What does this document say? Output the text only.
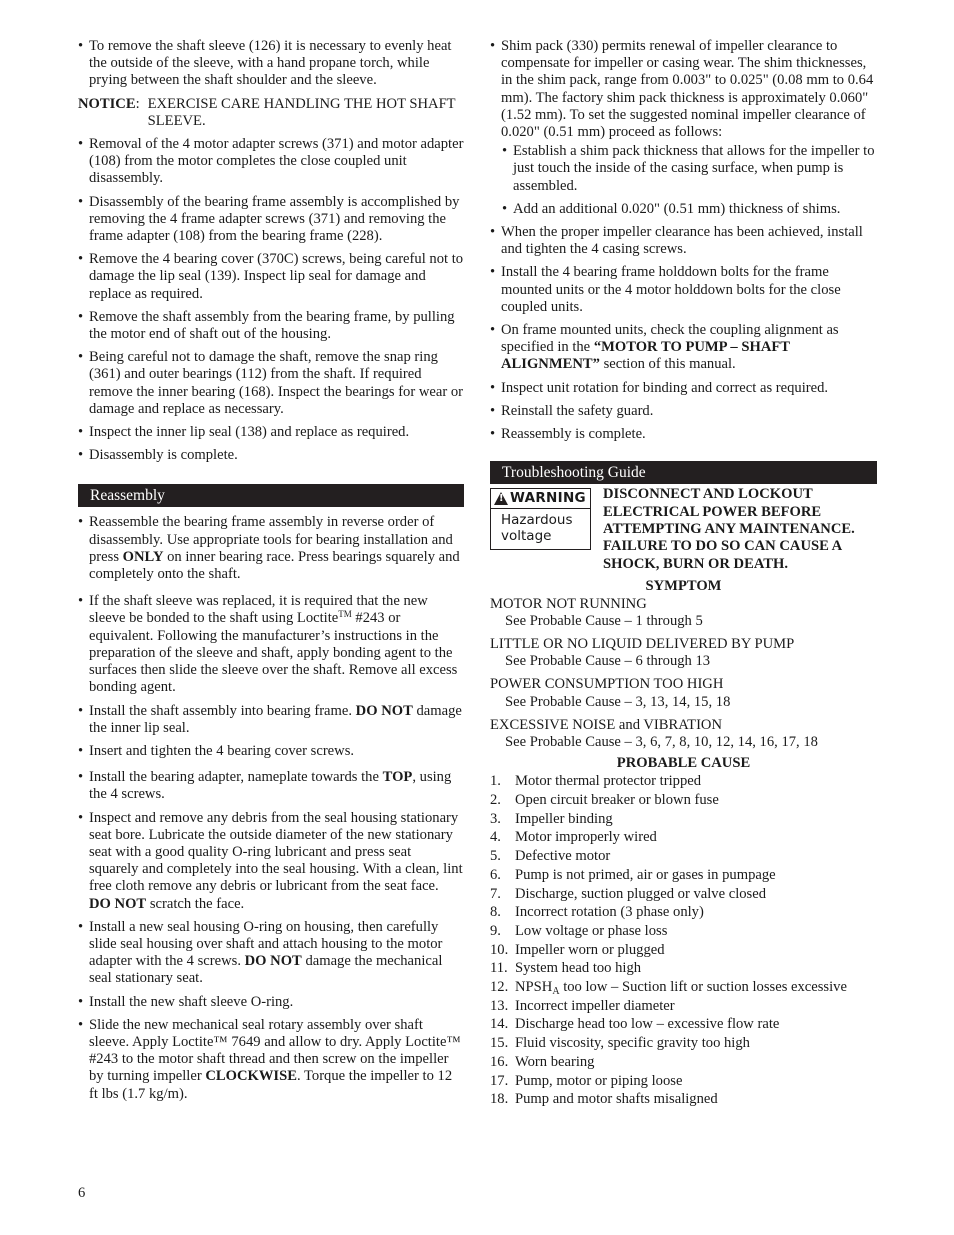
• To remove the shaft sleeve (126) it is necessary to evenly heat the outside of the sleeve, with a hand propane torch, while prying between the shaft shoulder and the sleeve.

NOTICE: EXERCISE CARE HANDLING THE HOT SHAFT SLEEVE.

• Removal of the 4 motor adapter screws (371) and motor adapter (108) from the motor completes the close coupled unit disassembly.

• Disassembly of the bearing frame assembly is accomplished by removing the 4 frame adapter screws (371) and removing the frame adapter (108) from the bearing frame (228).

• Remove the 4 bearing cover (370C) screws, being careful not to damage the lip seal (139). Inspect lip seal for damage and replace as required.

• Remove the shaft assembly from the bearing frame, by pulling the motor end of shaft out of the housing.

• Being careful not to damage the shaft, remove the snap ring (361) and outer bearings (112) from the shaft. If required remove the inner bearing (168). Inspect the bearings for wear or damage and replace as necessary.

• Inspect the inner lip seal (138) and replace as required.

• Disassembly is complete.

Reassembly

• Reassemble the bearing frame assembly in reverse order of disassembly. Use appropriate tools for bearing installation and press ONLY on inner bearing race. Press bearings squarely and completely onto the shaft.

• If the shaft sleeve was replaced, it is required that the new sleeve be bonded to the shaft using Loctite™ #243 or equivalent. Following the manufacturer’s instructions in the preparation of the sleeve and shaft, apply bonding agent to the surfaces then slide the sleeve over the shaft. Remove all excess bonding agent.

• Install the shaft assembly into bearing frame. DO NOT damage the inner lip seal.

• Insert and tighten the 4 bearing cover screws.

• Install the bearing adapter, nameplate towards the TOP, using the 4 screws.

• Inspect and remove any debris from the seal housing stationary seat bore. Lubricate the outside diameter of the new stationary seat with a good quality O-ring lubricant and press seat squarely and completely into the seal housing. With a clean, lint free cloth remove any debris or lubricant from the seat face. DO NOT scratch the face.

• Install a new seal housing O-ring on housing, then carefully slide seal housing over shaft and attach housing to the motor adapter with the 4 screws. DO NOT damage the mechanical seal stationary seat.

• Install the new shaft sleeve O-ring.

• Slide the new mechanical seal rotary assembly over shaft sleeve. Apply Loctite™ 7649 and allow to dry. Apply Loctite™ #243 to the motor shaft thread and then screw on the impeller by turning impeller CLOCKWISE. Torque the impeller to 12 ft lbs (1.7 kg/m).

• Shim pack (330) permits renewal of impeller clearance to compensate for impeller or casing wear. The shim thicknesses, in the shim pack, range from 0.003" to 0.025" (0.08 mm to 0.64 mm). The factory shim pack thickness is approximately 0.060" (1.52 mm). To set the suggested nominal impeller clearance of 0.020" (0.51 mm) proceed as follows:

• Establish a shim pack thickness that allows for the impeller to just touch the inside of the casing surface, when pump is assembled.

• Add an additional 0.020" (0.51 mm) thickness of shims.

• When the proper impeller clearance has been achieved, install and tighten the 4 casing screws.

• Install the 4 bearing frame holddown bolts for the frame mounted units or the 4 motor holddown bolts for the close coupled units.

• On frame mounted units, check the coupling alignment as specified in the “MOTOR TO PUMP – SHAFT ALIGNMENT” section of this manual.

• Inspect unit rotation for binding and correct as required.

• Reinstall the safety guard.

• Reassembly is complete.

Troubleshooting Guide
!
WARNING
Hazardous voltage
DISCONNECT AND LOCKOUT ELECTRICAL POWER BEFORE ATTEMPTING ANY MAINTENANCE. FAILURE TO DO SO CAN CAUSE A SHOCK, BURN OR DEATH.
SYMPTOM
MOTOR NOT RUNNING
See Probable Cause – 1 through 5
LITTLE OR NO LIQUID DELIVERED BY PUMP
See Probable Cause – 6 through 13
POWER CONSUMPTION TOO HIGH
See Probable Cause – 3, 13, 14, 15, 18
EXCESSIVE NOISE and VIBRATION
See Probable Cause – 3, 6, 7, 8, 10, 12, 14, 16, 17, 18
PROBABLE CAUSE
1. Motor thermal protector tripped
2. Open circuit breaker or blown fuse
3. Impeller binding
4. Motor improperly wired
5. Defective motor
6. Pump is not primed, air or gases in pumpage
7. Discharge, suction plugged or valve closed
8. Incorrect rotation (3 phase only)
9. Low voltage or phase loss
10. Impeller worn or plugged
11. System head too high
12. $NPSH_A$ too low – Suction lift or suction losses excessive
13. Incorrect impeller diameter
14. Discharge head too low – excessive flow rate
15. Fluid viscosity, specific gravity too high
16. Worn bearing
17. Pump, motor or piping loose
18. Pump and motor shafts misaligned
6
